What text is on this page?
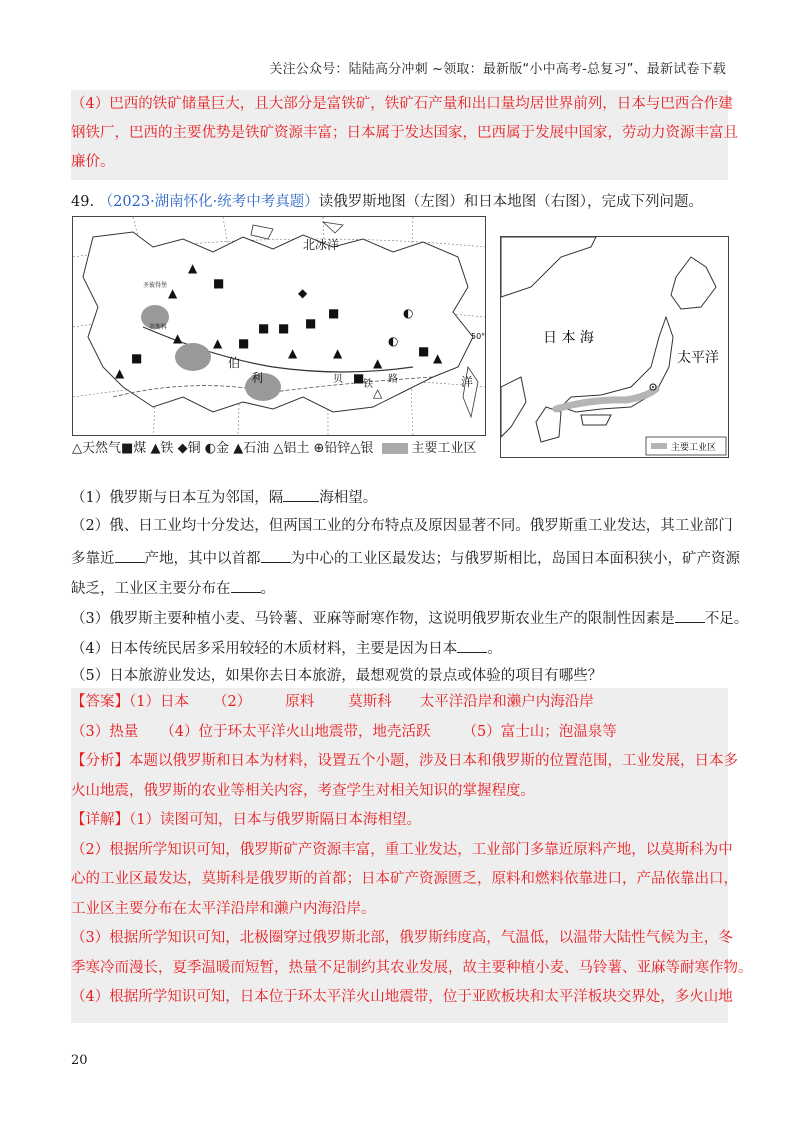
关注公众号：陆陆高分冲刺 ~领取：最新版“小中高考-总复习”、最新试卷下载
（4）巴西的铁矿储量巨大，且大部分是富铁矿，铁矿石产量和出口量均居世界前列，日本与巴西合作建
钢铁厂，巴西的主要优势是铁矿资源丰富；日本属于发达国家，巴西属于发展中国家，劳动力资源丰富且
廉价。
49. （2023·湖南怀化·统考中考真题）读俄罗斯地图（左图）和日本地图（右图），完成下列问题。
▲
■
▲
▲	▲ ■
■ ■
▲
■
■
▲
▲
◐
■ ▲
■
△
◐
◆
▲
■
北冰洋
洋
50°
伯
利	贝 铁 路
莫斯科
圣彼得堡
△天然气■煤 ▲铁 ◆铜 ◐金 ▲石油 △铝土 ⊕铅锌△银	主要工业区	主要工业区
日 本 海
太平洋
（1）俄罗斯与日本互为邻国，隔 海相望。
（2）俄、日工业均十分发达，但两国工业的分布特点及原因显著不同。俄罗斯重工业发达，其工业部门
多靠近 产地，其中以首都 为中心的工业区最发达；与俄罗斯相比，岛国日本面积狭小，矿产资源
缺乏，工业区主要分布在 。
（3）俄罗斯主要种植小麦、马铃薯、亚麻等耐寒作物，这说明俄罗斯农业生产的限制性因素是 不足。
（4）日本传统民居多采用较轻的木质材料，主要是因为日本 。
（5）日本旅游业发达，如果你去日本旅游，最想观赏的景点或体验的项目有哪些？
【答案】（1）日本 （2） 原料 莫斯科 太平洋沿岸和濑户内海沿岸
（3）热量 （4）位于环太平洋火山地震带，地壳活跃 （5）富士山；泡温泉等
【分析】本题以俄罗斯和日本为材料，设置五个小题，涉及日本和俄罗斯的位置范围，工业发展，日本多
火山地震，俄罗斯的农业等相关内容，考查学生对相关知识的掌握程度。
【详解】（1）读图可知，日本与俄罗斯隔日本海相望。
（2）根据所学知识可知，俄罗斯矿产资源丰富，重工业发达，工业部门多靠近原料产地，以莫斯科为中
心的工业区最发达，莫斯科是俄罗斯的首都；日本矿产资源匮乏，原料和燃料依靠进口，产品依靠出口，
工业区主要分布在太平洋沿岸和濑户内海沿岸。
（3）根据所学知识可知，北极圈穿过俄罗斯北部，俄罗斯纬度高，气温低，以温带大陆性气候为主，冬
季寒冷而漫长，夏季温暖而短暂，热量不足制约其农业发展，故主要种植小麦、马铃薯、亚麻等耐寒作物。
（4）根据所学知识可知，日本位于环太平洋火山地震带，位于亚欧板块和太平洋板块交界处，多火山地
20
